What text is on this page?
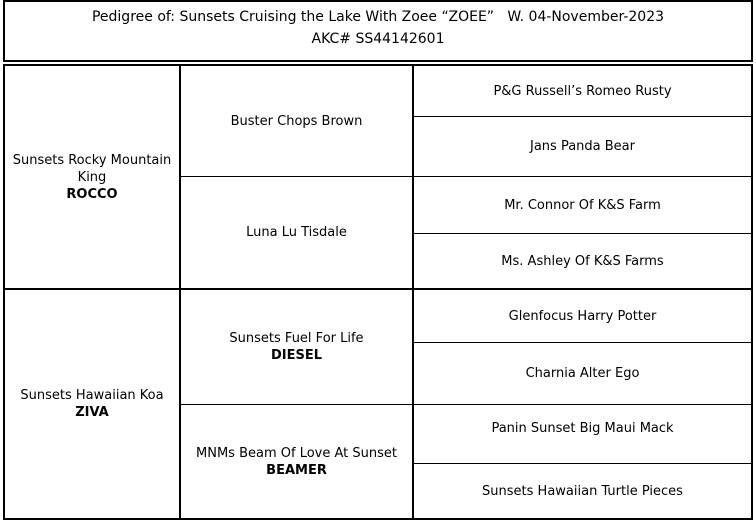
Pedigree of: Sunsets Cruising the Lake With Zoee “ZOEE”   W. 04-November-2023
AKC# SS44142601
Sunsets Rocky Mountain King
ROCCO
Sunsets Hawaiian Koa
ZIVA
Buster Chops Brown
Luna Lu Tisdale
Sunsets Fuel For Life
DIESEL
MNMs Beam Of Love At Sunset
BEAMER
P&G Russell’s Romeo Rusty
Jans Panda Bear
Mr. Connor Of K&S Farm
Ms. Ashley Of K&S Farms
Glenfocus Harry Potter
Charnia Alter Ego
Panin Sunset Big Maui Mack
Sunsets Hawaiian Turtle Pieces
